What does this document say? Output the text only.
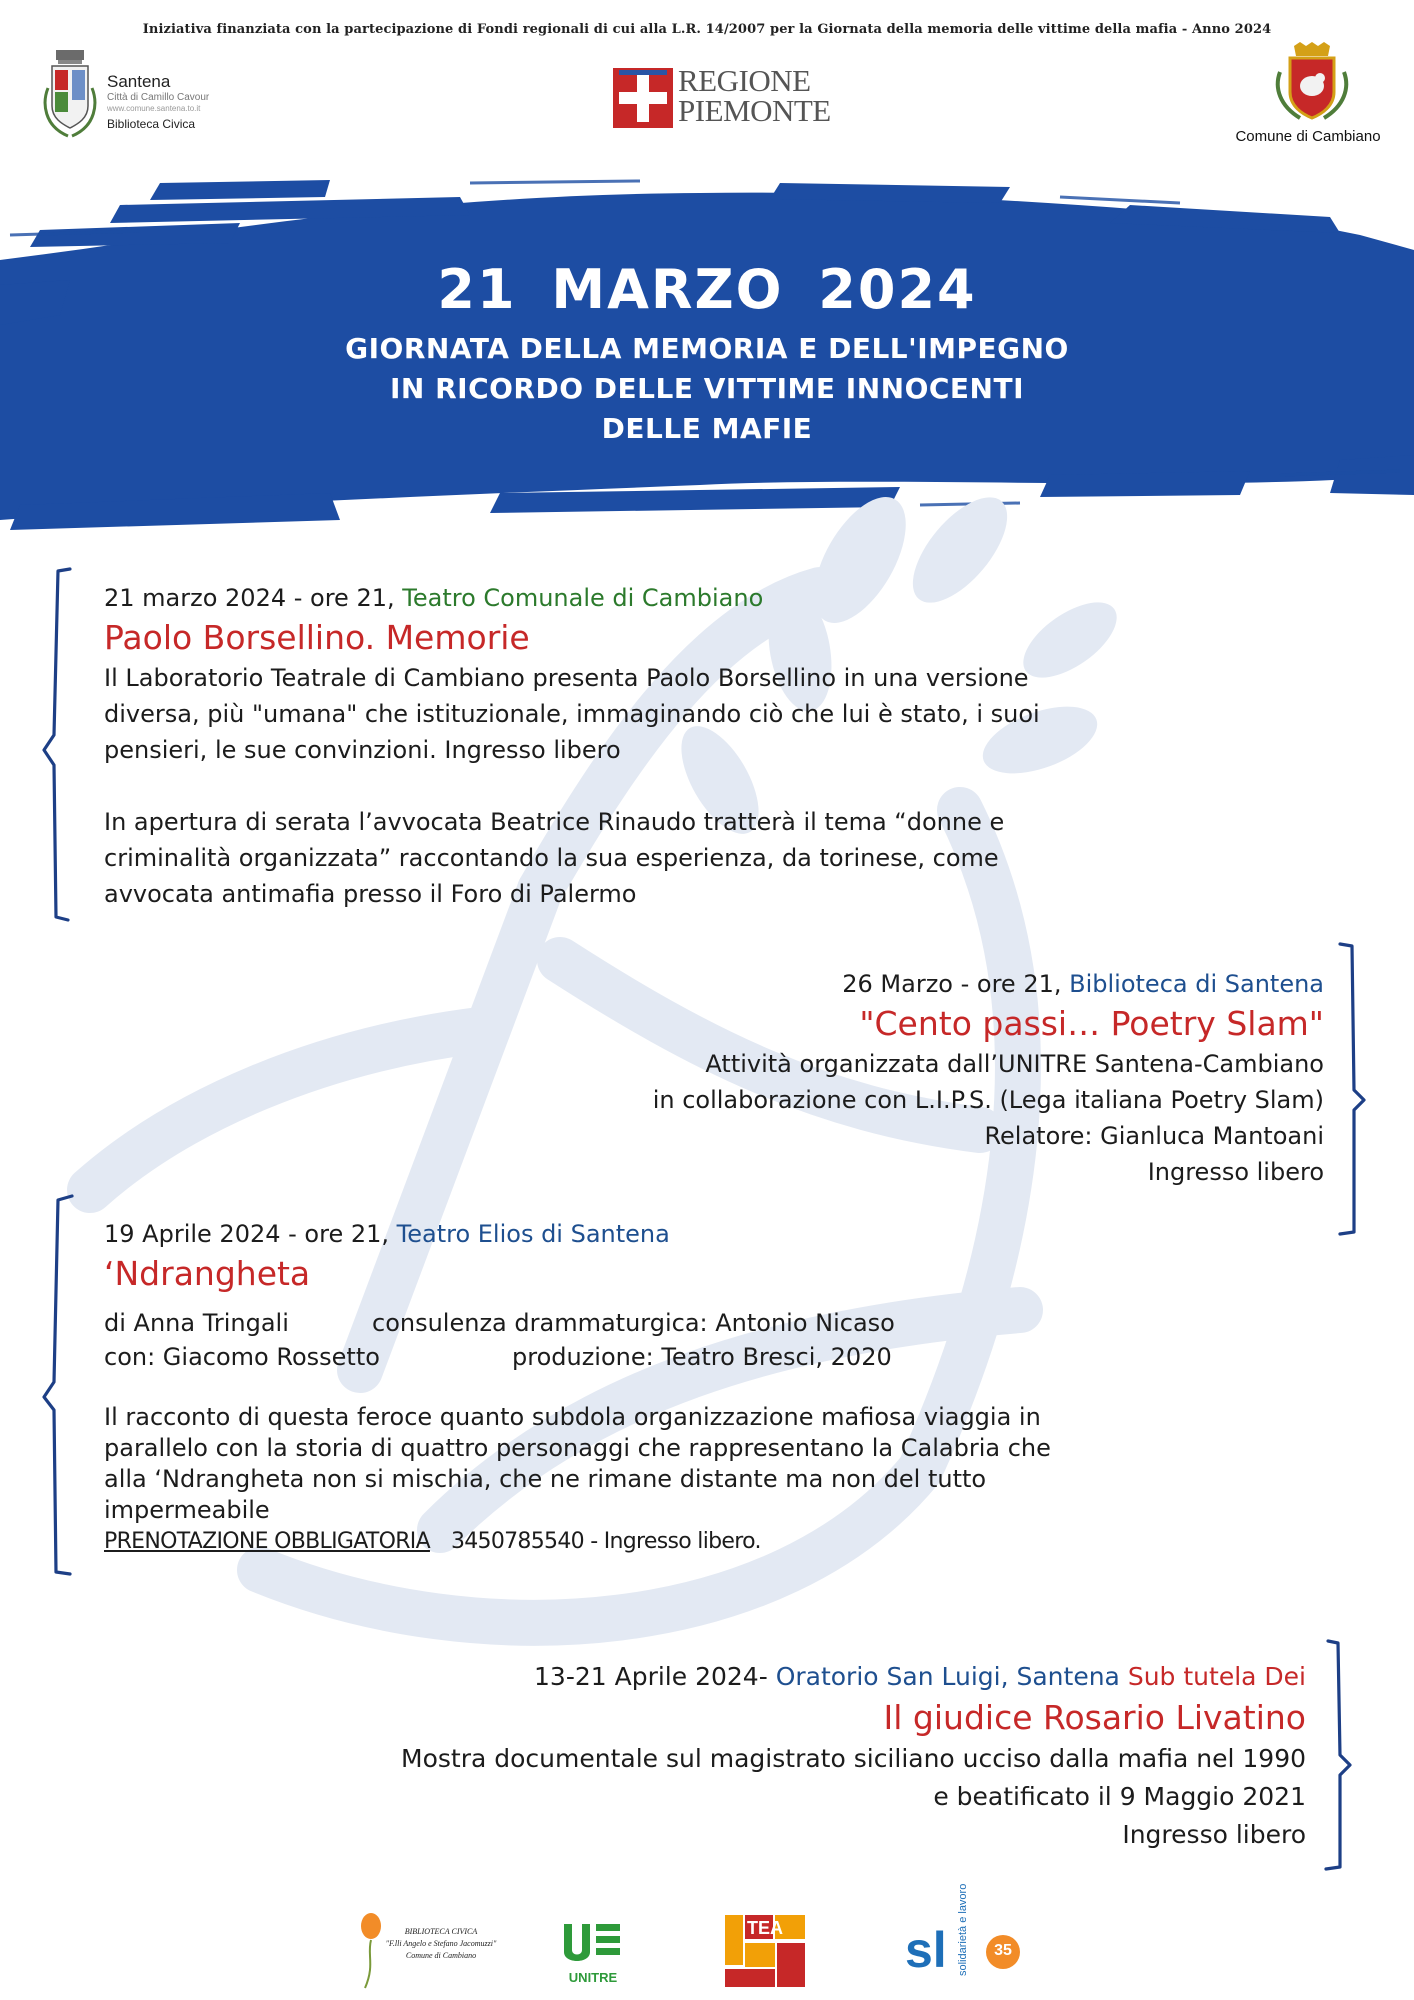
Iniziativa finanziata con la partecipazione di Fondi regionali di cui alla L.R. 14/2007 per la Giornata della memoria delle vittime della mafia - Anno 2024
Santena
Città di Camillo Cavour
www.comune.santena.to.it
Biblioteca Civica
REGIONE
PIEMONTE
Comune di Cambiano
21 MARZO 2024
GIORNATA DELLA MEMORIA E DELL'IMPEGNO
IN RICORDO DELLE VITTIME INNOCENTI
DELLE MAFIE
21 marzo 2024 - ore 21, Teatro Comunale di Cambiano
Paolo Borsellino. Memorie
Il Laboratorio Teatrale di Cambiano presenta Paolo Borsellino in una versione
diversa, più "umana" che istituzionale, immaginando ciò che lui è stato, i suoi
pensieri, le sue convinzioni. Ingresso libero
In apertura di serata l’avvocata Beatrice Rinaudo tratterà il tema “donne e
criminalità organizzata” raccontando la sua esperienza, da torinese, come
avvocata antimafia presso il Foro di Palermo
26 Marzo - ore 21, Biblioteca di Santena
"Cento passi… Poetry Slam"
Attività organizzata dall’UNITRE Santena-Cambiano
in collaborazione con L.I.P.S. (Lega italiana Poetry Slam)
Relatore: Gianluca Mantoani
Ingresso libero
19 Aprile 2024 - ore 21, Teatro Elios di Santena
‘Ndrangheta
di Anna Tringali	consulenza drammaturgica: Antonio Nicaso
con: Giacomo Rossetto	produzione: Teatro Bresci, 2020
Il racconto di questa feroce quanto subdola organizzazione mafiosa viaggia in
parallelo con la storia di quattro personaggi che rappresentano la Calabria che
alla ‘Ndrangheta non si mischia, che ne rimane distante ma non del tutto
impermeabile
PRENOTAZIONE OBBLIGATORIA 3450785540 - Ingresso libero.
13-21 Aprile 2024- Oratorio San Luigi, Santena Sub tutela Dei
Il giudice Rosario Livatino
Mostra documentale sul magistrato siciliano ucciso dalla mafia nel 1990
e beatificato il 9 Maggio 2021
Ingresso libero
BIBLIOTECA CIVICA
"F.lli Angelo e Stefano Jacomuzzi"
Comune di Cambiano
UNITRE
TEA sl solidarietà e lavoro	35
